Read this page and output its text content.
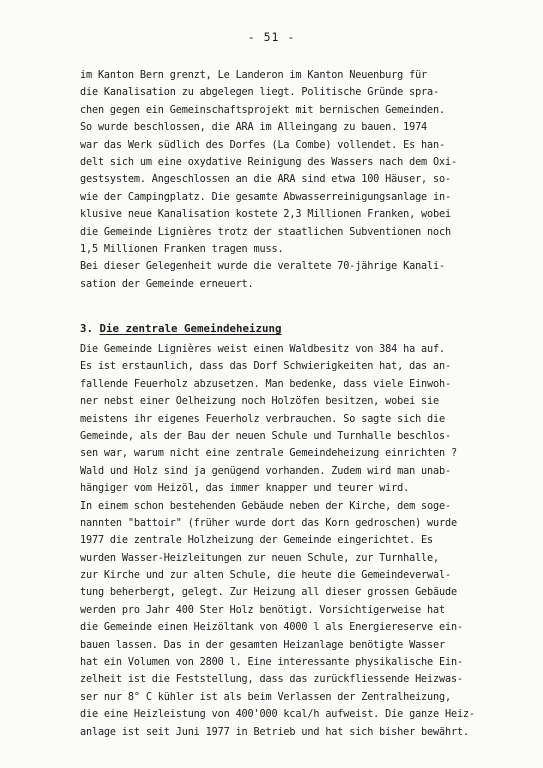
- 51 -
im Kanton Bern grenzt, Le Landeron im Kanton Neuenburg für
die Kanalisation zu abgelegen liegt. Politische Gründe spra-
chen gegen ein Gemeinschaftsprojekt mit bernischen Gemeinden.
So wurde beschlossen, die ARA im Alleingang zu bauen. 1974
war das Werk südlich des Dorfes (La Combe) vollendet. Es han-
delt sich um eine oxydative Reinigung des Wassers nach dem Oxi-
gestsystem. Angeschlossen an die ARA sind etwa 100 Häuser, so-
wie der Campingplatz. Die gesamte Abwasserreinigungsanlage in-
klusive neue Kanalisation kostete 2,3 Millionen Franken, wobei
die Gemeinde Lignières trotz der staatlichen Subventionen noch
1,5 Millionen Franken tragen muss.
Bei dieser Gelegenheit wurde die veraltete 70-jährige Kanali-
sation der Gemeinde erneuert.
3. Die zentrale Gemeindeheizung
Die Gemeinde Lignières weist einen Waldbesitz von 384 ha auf.
Es ist erstaunlich, dass das Dorf Schwierigkeiten hat, das an-
fallende Feuerholz abzusetzen. Man bedenke, dass viele Einwoh-
ner nebst einer Oelheizung noch Holzöfen besitzen, wobei sie
meistens ihr eigenes Feuerholz verbrauchen. So sagte sich die
Gemeinde, als der Bau der neuen Schule und Turnhalle beschlos-
sen war, warum nicht eine zentrale Gemeindeheizung einrichten ?
Wald und Holz sind ja genügend vorhanden. Zudem wird man unab-
hängiger vom Heizöl, das immer knapper und teurer wird.
In einem schon bestehenden Gebäude neben der Kirche, dem soge-
nannten "battoir" (früher wurde dort das Korn gedroschen) wurde
1977 die zentrale Holzheizung der Gemeinde eingerichtet. Es
wurden Wasser-Heizleitungen zur neuen Schule, zur Turnhalle,
zur Kirche und zur alten Schule, die heute die Gemeindeverwal-
tung beherbergt, gelegt. Zur Heizung all dieser grossen Gebäude
werden pro Jahr 400 Ster Holz benötigt. Vorsichtigerweise hat
die Gemeinde einen Heizöltank von 4000 l als Energiereserve ein-
bauen lassen. Das in der gesamten Heizanlage benötigte Wasser
hat ein Volumen von 2800 l. Eine interessante physikalische Ein-
zelheit ist die Feststellung, dass das zurückfliessende Heizwas-
ser nur 8° C kühler ist als beim Verlassen der Zentralheizung,
die eine Heizleistung von 400'000 kcal/h aufweist. Die ganze Heiz-
anlage ist seit Juni 1977 in Betrieb und hat sich bisher bewährt.
